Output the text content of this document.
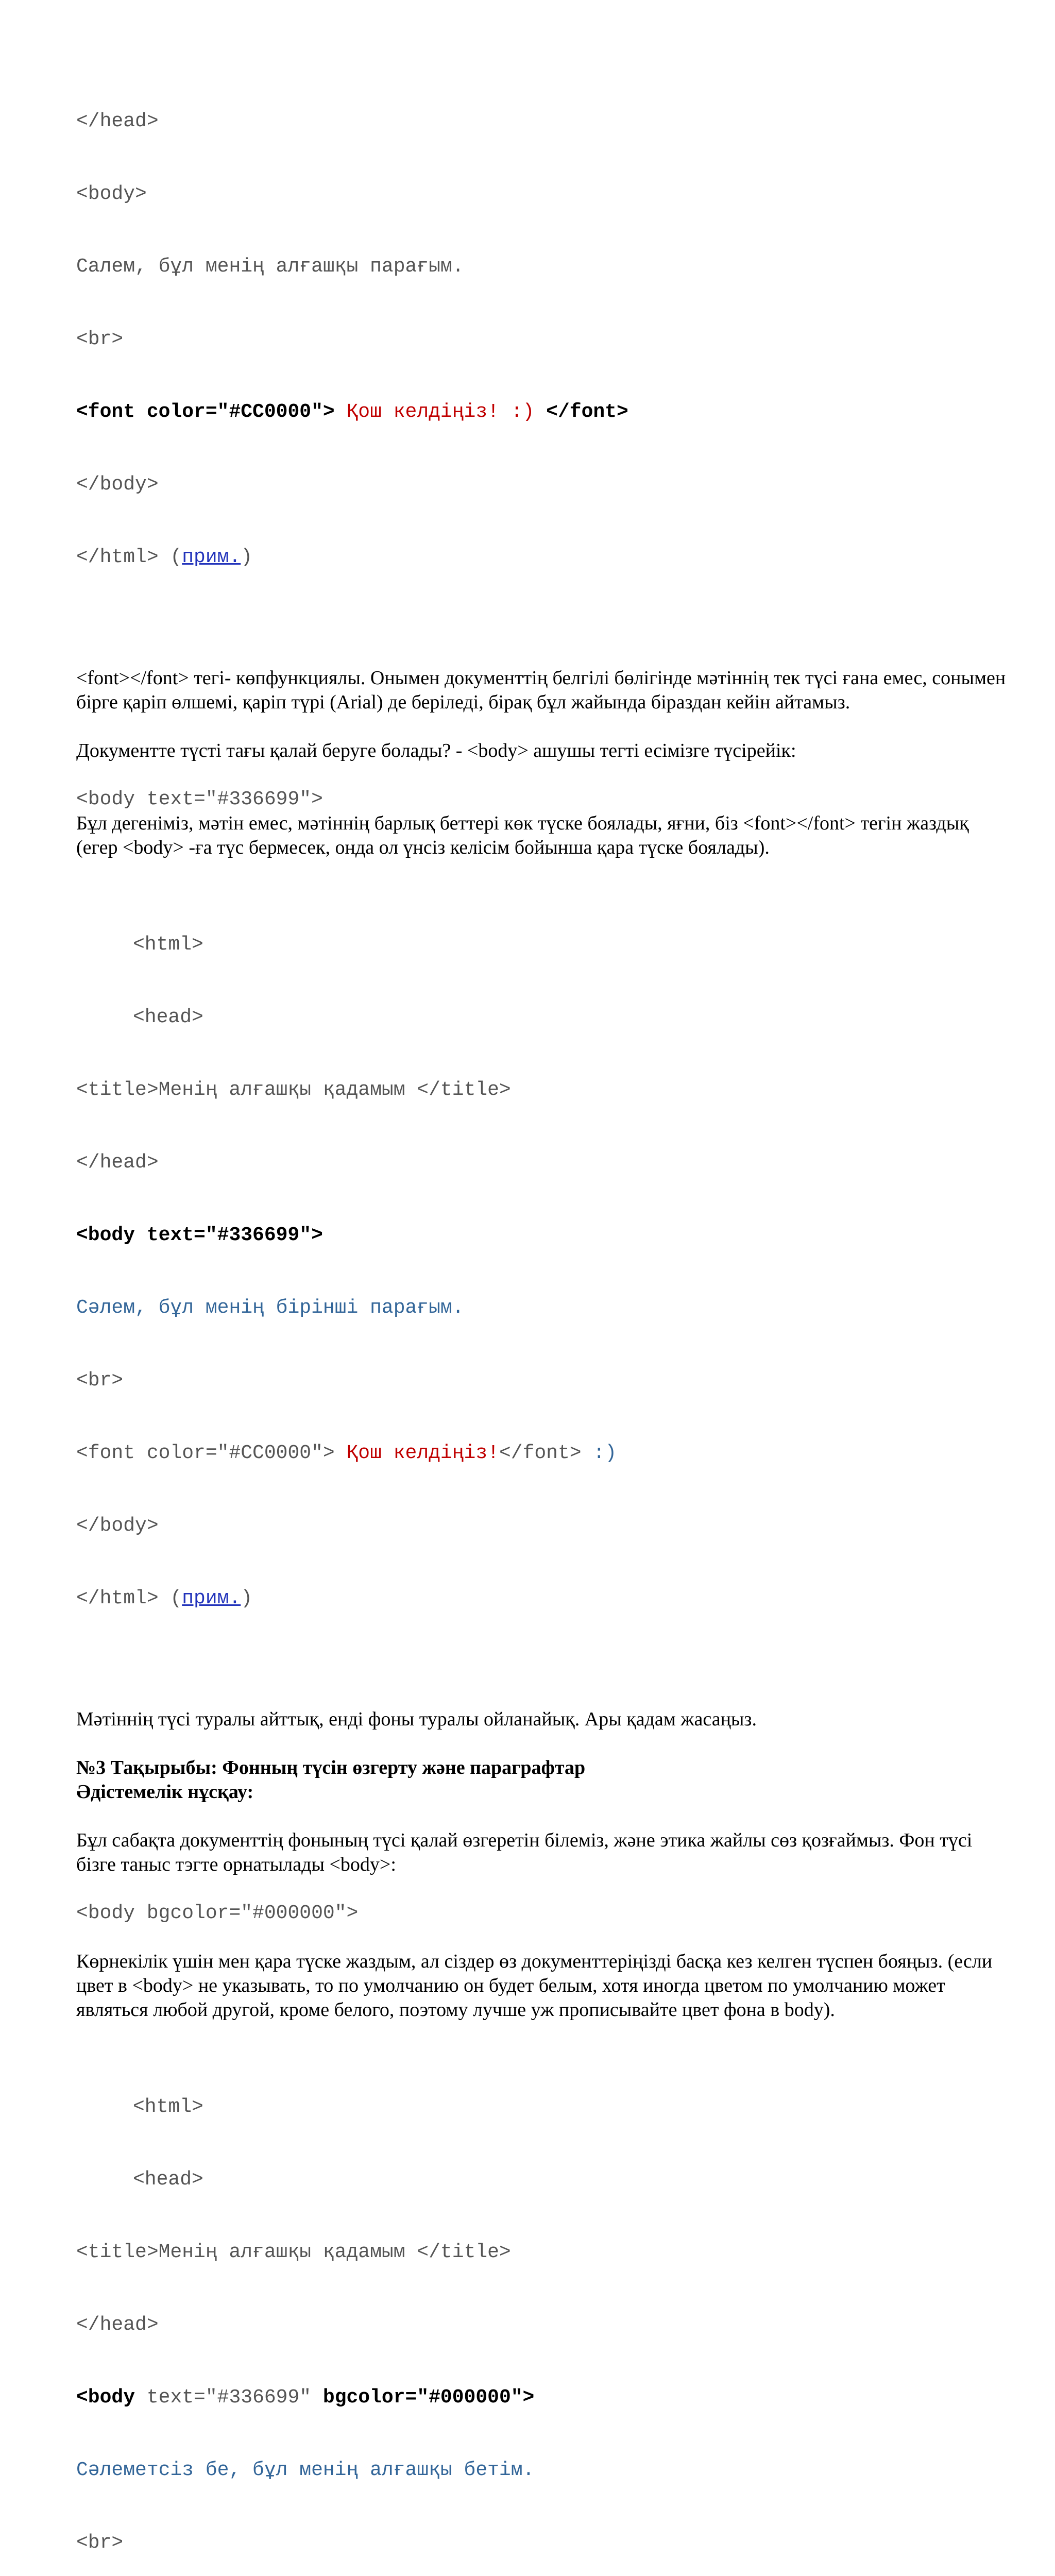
</head>

<body>

Салем, бұл менің алғашқы парағым.

<br>

<font color="#CC0000"> Қош келдіңіз! :) </font>

</body>

</html> (прим.)

<font></font> тегі- көпфункциялы. Онымен документтің белгілі бөлігінде мәтіннің тек түсі ғана емес, сонымен бірге қаріп өлшемі, қаріп түрі (Arial) де беріледі, бірақ бұл жайында біраздан кейін айтамыз.
Документте түсті тағы қалай беруге болады? - <body> ашушы тегті есімізге түсірейік:
<body text="#336699">
Бұл дегеніміз, мәтін емес, мәтіннің барлық беттері көк түске боялады, яғни, біз <font></font> тегін жаздық (егер <body> -ға түс бермесек, онда ол үнсіз келісім бойынша қара түске боялады).

<html>

<head>

<title>Менің алғашқы қадамым </title>

</head>

<body text="#336699">

Сәлем, бұл менің бірінші парағым.

<br>

<font color="#CC0000"> Қош келдіңіз!</font> :)

</body>

</html> (прим.)

Мәтіннің түсі туралы айттық, енді фоны туралы ойланайық. Ары қадам жасаңыз.
№3 Тақырыбы: Фонның түсін өзгерту және параграфтар
Әдістемелік нұсқау:
Бұл сабақта документтің фонының түсі қалай өзгеретін білеміз, және этика жайлы сөз қозғаймыз. Фон түсі бізге таныс тэгте орнатылады <body>:
<body bgcolor="#000000">
Көрнекілік үшін мен қара түске жаздым, ал сіздер өз документтеріңізді басқа кез келген түспен бояңыз. (если цвет в <body> не указывать, то по умолчанию он будет белым, хотя иногда цветом по умолчанию может являться любой другой, кроме белого, поэтому лучше уж прописывайте цвет фона в body).

<html>

<head>

<title>Менің алғашқы қадамым </title>

</head>

<body text="#336699" bgcolor="#000000">

Сәлеметсіз бе, бұл менің алғашқы бетім.

<br>
